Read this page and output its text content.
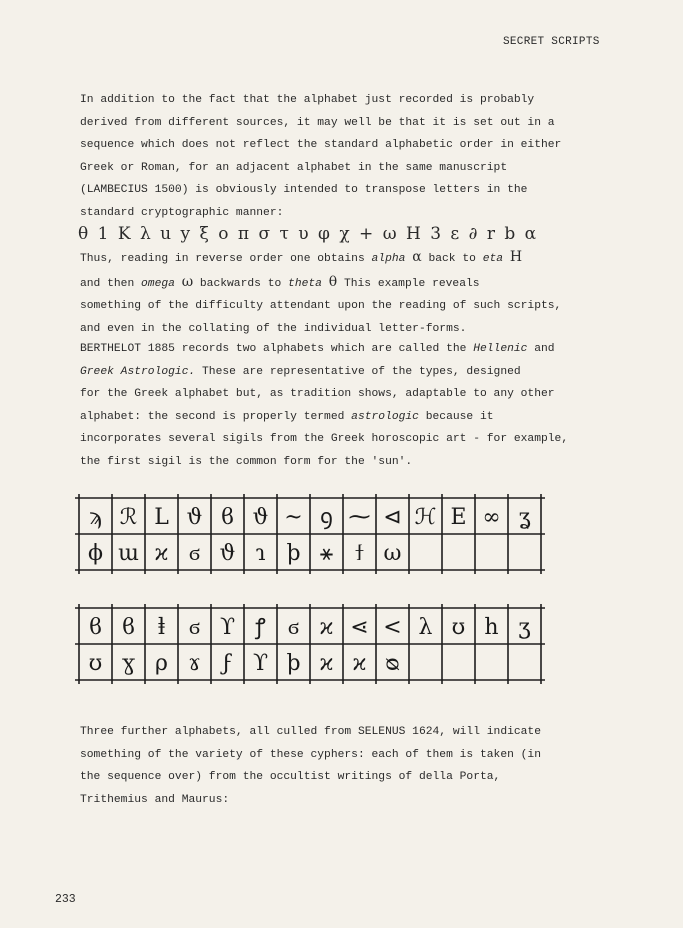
SECRET SCRIPTS
In addition to the fact that the alphabet just recorded is probably
derived from different sources, it may well be that it is set out in a
sequence which does not reflect the standard alphabetic order in either
Greek or Roman, for an adjacent alphabet in the same manuscript
(LAMBECIUS 1500) is obviously intended to transpose letters in the
standard cryptographic manner:
θ 1 K λ u y ξ ο π σ τ υ φ χ + ω H 3 ε ∂ r b α
Thus, reading in reverse order one obtains alpha α back to eta H
and then omega ω backwards to theta θ This example reveals
something of the difficulty attendant upon the reading of such scripts,
and even in the collating of the individual letter-forms.
BERTHELOT 1885 records two alphabets which are called the Hellenic and
Greek Astrologic. These are representative of the types, designed
for the Greek alphabet but, as tradition shows, adaptable to any other
alphabet: the second is properly termed astrologic because it
incorporates several sigils from the Greek horoscopic art - for example,
the first sigil is the common form for the 'sun'.
ϡ ℛ L ϑ ϐ ϑ ~ ꝯ ⁓ ⊲ ℋ E ∞ ʓ
ϕ ɯ ϰ ϭ ϑ ɿ ϸ ⚹ ϯ ω
ϐ ϐ ⱡ ϭ ϒ ꝭ ϭ ϰ ⋖ < λ ʊ h ʒ
ʊ ɣ ρ ɤ ϝ ϒ ϸ ϰ ϰ ᴓ
Three further alphabets, all culled from SELENUS 1624, will indicate
something of the variety of these cyphers: each of them is taken (in
the sequence over) from the occultist writings of della Porta,
Trithemius and Maurus:
233
